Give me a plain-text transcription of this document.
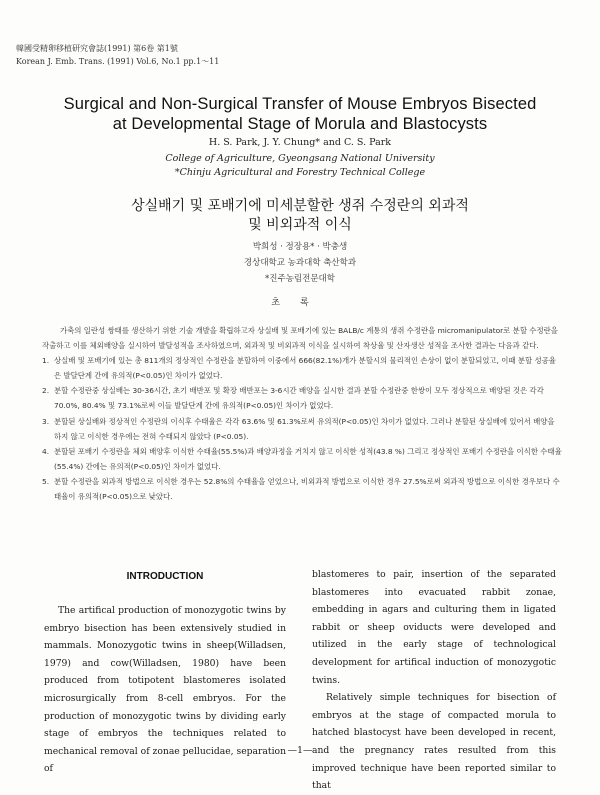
韓國受精卵移植研究會誌(1991) 第6卷 第1號
Korean J. Emb. Trans. (1991) Vol.6, No.1 pp.1～11
Surgical and Non-Surgical Transfer of Mouse Embryos Bisected
at Developmental Stage of Morula and Blastocysts
H. S. Park, J. Y. Chung* and C. S. Park
College of Agriculture, Gyeongsang National University
*Chinju Agricultural and Forestry Technical College
상실배기 및 포배기에 미세분할한 생쥐 수정란의 외과적
및 비외과적 이식
박희성 · 정장용* · 박충생
경상대학교 농과대학 축산학과
*진주농림전문대학
초록

가축의 일란성 쌍태를 생산하기 위한 기술 개발을 확립하고자 상실배 및 포배기에 있는 BALB/c 계통의 생쥐 수정란을 micromanipulator로 분할 수정란을 작출하고 이를 체외배양을 실시하여 발달성적을 조사하였으며, 외과적 및 비외과적 이식을 실시하여 착상율 및 산자생산 성적을 조사한 결과는 다음과 같다.

1. 상실배 및 포배기에 있는 총 811개의 정상적인 수정란을 분할하여 이중에서 666(82.1%)개가 분할시의 물리적인 손상이 없이 분할되었고, 이때 분할 성공율은 발달단계 간에 유의적(P<0.05)인 차이가 없었다.
2. 분할 수정란중 상실배는 30-36시간, 초기 배반포 및 확장 배반포는 3-6시간 배양을 실시한 결과 분할 수정란중 한쌍이 모두 정상적으로 배양된 것은 각각 70.0%, 80.4% 및 73.1%로써 이들 발달단계 간에 유의적(P<0.05)인 차이가 없었다.
3. 분할된 상실배와 정상적인 수정란의 이식후 수태율은 각각 63.6% 및 61.3%로써 유의적(P<0.05)인 차이가 없었다. 그러나 분할된 상실배에 있어서 배양을 하지 않고 이식한 경우에는 전혀 수태되지 않았다 (P<0.05).
4. 분할된 포배기 수정란을 체외 배양후 이식한 수태율(55.5%)과 배양과정을 거치지 않고 이식한 성적(43.8 %) 그리고 정상적인 포배기 수정란을 이식한 수태율(55.4%) 간에는 유의적(P<0.05)인 차이가 없었다.
5. 분할 수정란을 외과적 방법으로 이식한 경우는 52.8%의 수태율을 얻었으나, 비외과적 방법으로 이식한 경우 27.5%로써 외과적 방법으로 이식한 경우보다 수태율이 유의적(P<0.05)으로 낮았다.
INTRODUCTION

The artifical production of monozygotic twins by embryo bisection has been extensively studied in mammals. Monozygotic twins in sheep(Willadsen, 1979) and cow(Willadsen, 1980) have been produced from totipotent blastomeres isolated microsurgically from 8-cell embryos. For the production of monozygotic twins by dividing early stage of embryos the techniques related to mechanical removal of zonae pellucidae, separation of

blastomeres to pair, insertion of the separated blastomeres into evacuated rabbit zonae, embedding in agars and culturing them in ligated rabbit or sheep oviducts were developed and utilized in the early stage of technological development for artifical induction of monozygotic twins.

Relatively simple techniques for bisection of embryos at the stage of compacted morula to hatched blastocyst have been developed in recent, and the pregnancy rates resulted from this improved technique have been reported similar to that

—1—
